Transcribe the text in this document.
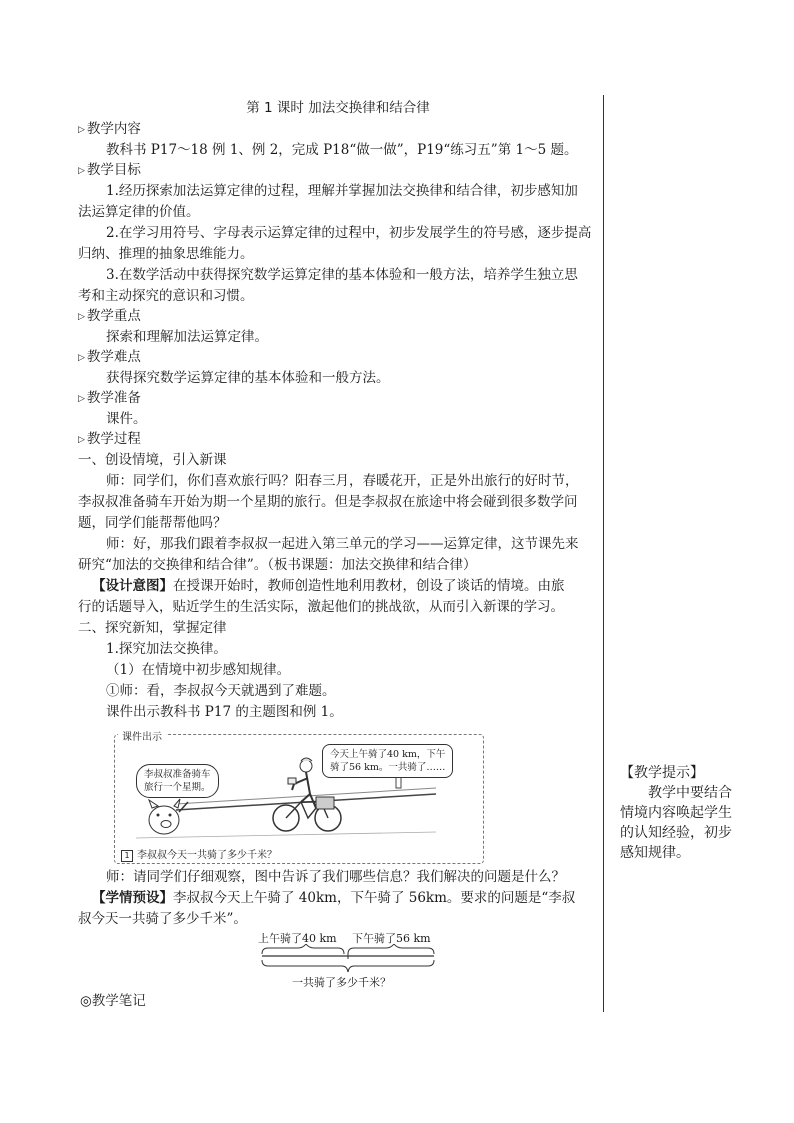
第 1 课时 加法交换律和结合律
▷ 教学内容
教科书 P17～18 例 1、例 2，完成 P18“做一做”，P19“练习五”第 1～5 题。
▷ 教学目标
1.经历探索加法运算定律的过程，理解并掌握加法交换律和结合律，初步感知加
法运算定律的价值。
2.在学习用符号、字母表示运算定律的过程中，初步发展学生的符号感，逐步提高
归纳、推理的抽象思维能力。
3.在数学活动中获得探究数学运算定律的基本体验和一般方法，培养学生独立思
考和主动探究的意识和习惯。
▷ 教学重点
探索和理解加法运算定律。
▷ 教学难点
获得探究数学运算定律的基本体验和一般方法。
▷ 教学准备
课件。
▷ 教学过程
一、创设情境，引入新课
师：同学们，你们喜欢旅行吗？阳春三月，春暖花开，正是外出旅行的好时节，
李叔叔准备骑车开始为期一个星期的旅行。但是李叔叔在旅途中将会碰到很多数学问
题，同学们能帮帮他吗？
师：好，那我们跟着李叔叔一起进入第三单元的学习——运算定律，这节课先来
研究“加法的交换律和结合律”。（板书课题：加法交换律和结合律）
【设计意图】在授课开始时，教师创造性地利用教材，创设了谈话的情境。由旅
行的话题导入，贴近学生的生活实际，激起他们的挑战欲，从而引入新课的学习。
二、探究新知，掌握定律
1.探究加法交换律。
（1）在情境中初步感知规律。
①师：看，李叔叔今天就遇到了难题。
课件出示教科书 P17 的主题图和例 1。
师：请同学们仔细观察，图中告诉了我们哪些信息？我们解决的问题是什么？
【学情预设】李叔叔今天上午骑了 40km，下午骑了 56km。要求的问题是“李叔
叔今天一共骑了多少千米”。
◎教学笔记
课件出示
李叔叔准备骑车
旅行一个星期。
今天上午骑了40 km，下午
骑了56 km。一共骑了……
1 李叔叔今天一共骑了多少千米？
上午骑了40 km 下午骑了56 km
一共骑了多少千米？
【教学提示】
教学中要结合
情境内容唤起学生
的认知经验，初步
感知规律。
